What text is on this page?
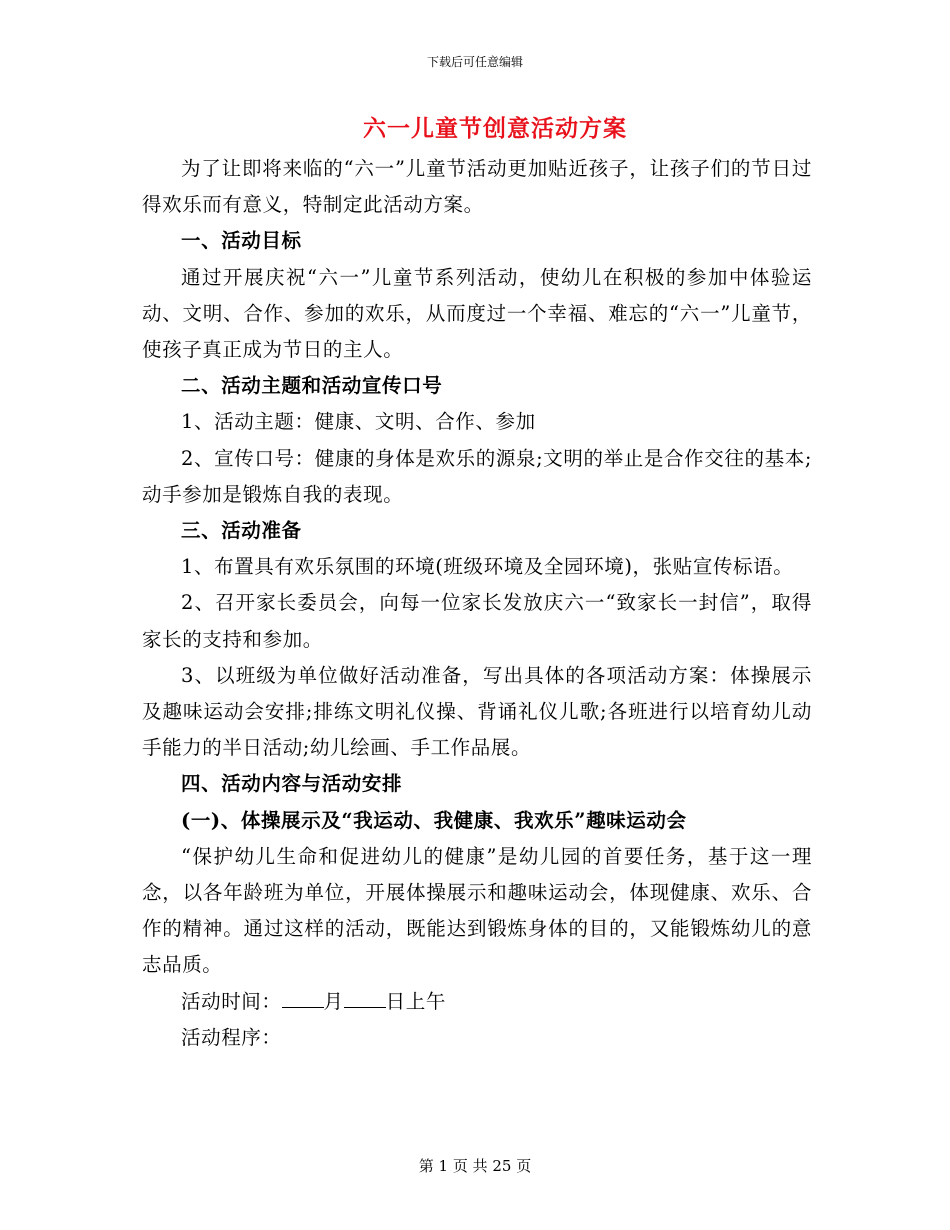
下载后可任意编辑
六一儿童节创意活动方案

为了让即将来临的“六一”儿童节活动更加贴近孩子，让孩子们的节日过得欢乐而有意义，特制定此活动方案。

一、活动目标

通过开展庆祝“六一”儿童节系列活动，使幼儿在积极的参加中体验运动、文明、合作、参加的欢乐，从而度过一个幸福、难忘的“六一”儿童节，使孩子真正成为节日的主人。

二、活动主题和活动宣传口号

1、活动主题：健康、文明、合作、参加

2、宣传口号：健康的身体是欢乐的源泉;文明的举止是合作交往的基本;动手参加是锻炼自我的表现。

三、活动准备

1、布置具有欢乐氛围的环境(班级环境及全园环境)，张贴宣传标语。

2、召开家长委员会，向每一位家长发放庆六一“致家长一封信”，取得家长的支持和参加。

3、以班级为单位做好活动准备，写出具体的各项活动方案：体操展示及趣味运动会安排;排练文明礼仪操、背诵礼仪儿歌;各班进行以培育幼儿动手能力的半日活动;幼儿绘画、手工作品展。

四、活动内容与活动安排

(一)、体操展示及“我运动、我健康、我欢乐”趣味运动会

“保护幼儿生命和促进幼儿的健康”是幼儿园的首要任务，基于这一理念，以各年龄班为单位，开展体操展示和趣味运动会，体现健康、欢乐、合作的精神。通过这样的活动，既能达到锻炼身体的目的，又能锻炼幼儿的意志品质。

活动时间： 月 日上午

活动程序：

第 1 页 共 25 页
